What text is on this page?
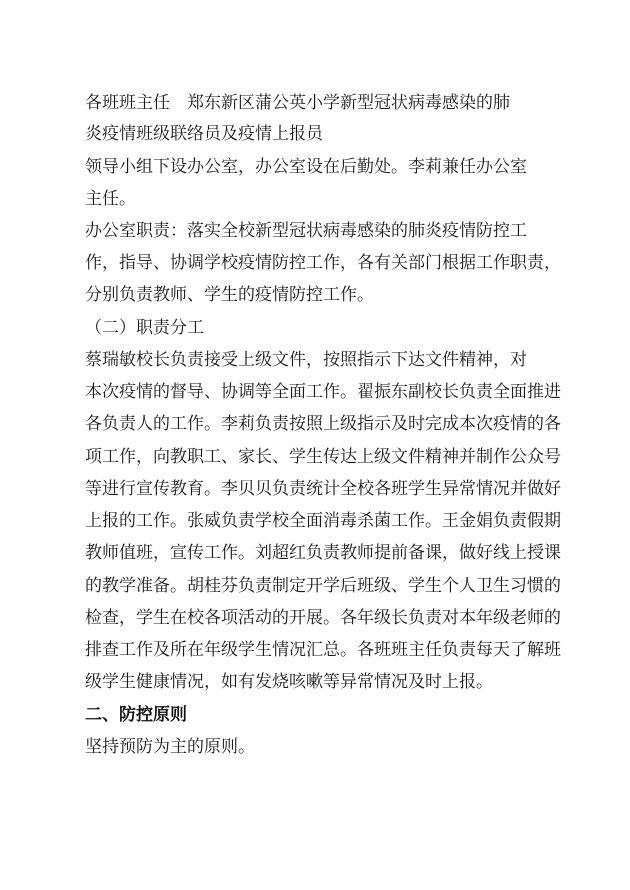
各班班主任　郑东新区蒲公英小学新型冠状病毒感染的肺
炎疫情班级联络员及疫情上报员
领导小组下设办公室，办公室设在后勤处。李莉兼任办公室
主任。
办公室职责：落实全校新型冠状病毒感染的肺炎疫情防控工
作，指导、协调学校疫情防控工作，各有关部门根据工作职责，
分别负责教师、学生的疫情防控工作。
（二）职责分工
蔡瑞敏校长负责接受上级文件，按照指示下达文件精神，对
本次疫情的督导、协调等全面工作。翟振东副校长负责全面推进
各负责人的工作。李莉负责按照上级指示及时完成本次疫情的各
项工作，向教职工、家长、学生传达上级文件精神并制作公众号
等进行宣传教育。李贝贝负责统计全校各班学生异常情况并做好
上报的工作。张威负责学校全面消毒杀菌工作。王金娟负责假期
教师值班，宣传工作。刘超红负责教师提前备课，做好线上授课
的教学准备。胡桂芬负责制定开学后班级、学生个人卫生习惯的
检查，学生在校各项活动的开展。各年级长负责对本年级老师的
排查工作及所在年级学生情况汇总。各班班主任负责每天了解班
级学生健康情况，如有发烧咳嗽等异常情况及时上报。
二、防控原则
坚持预防为主的原则。
